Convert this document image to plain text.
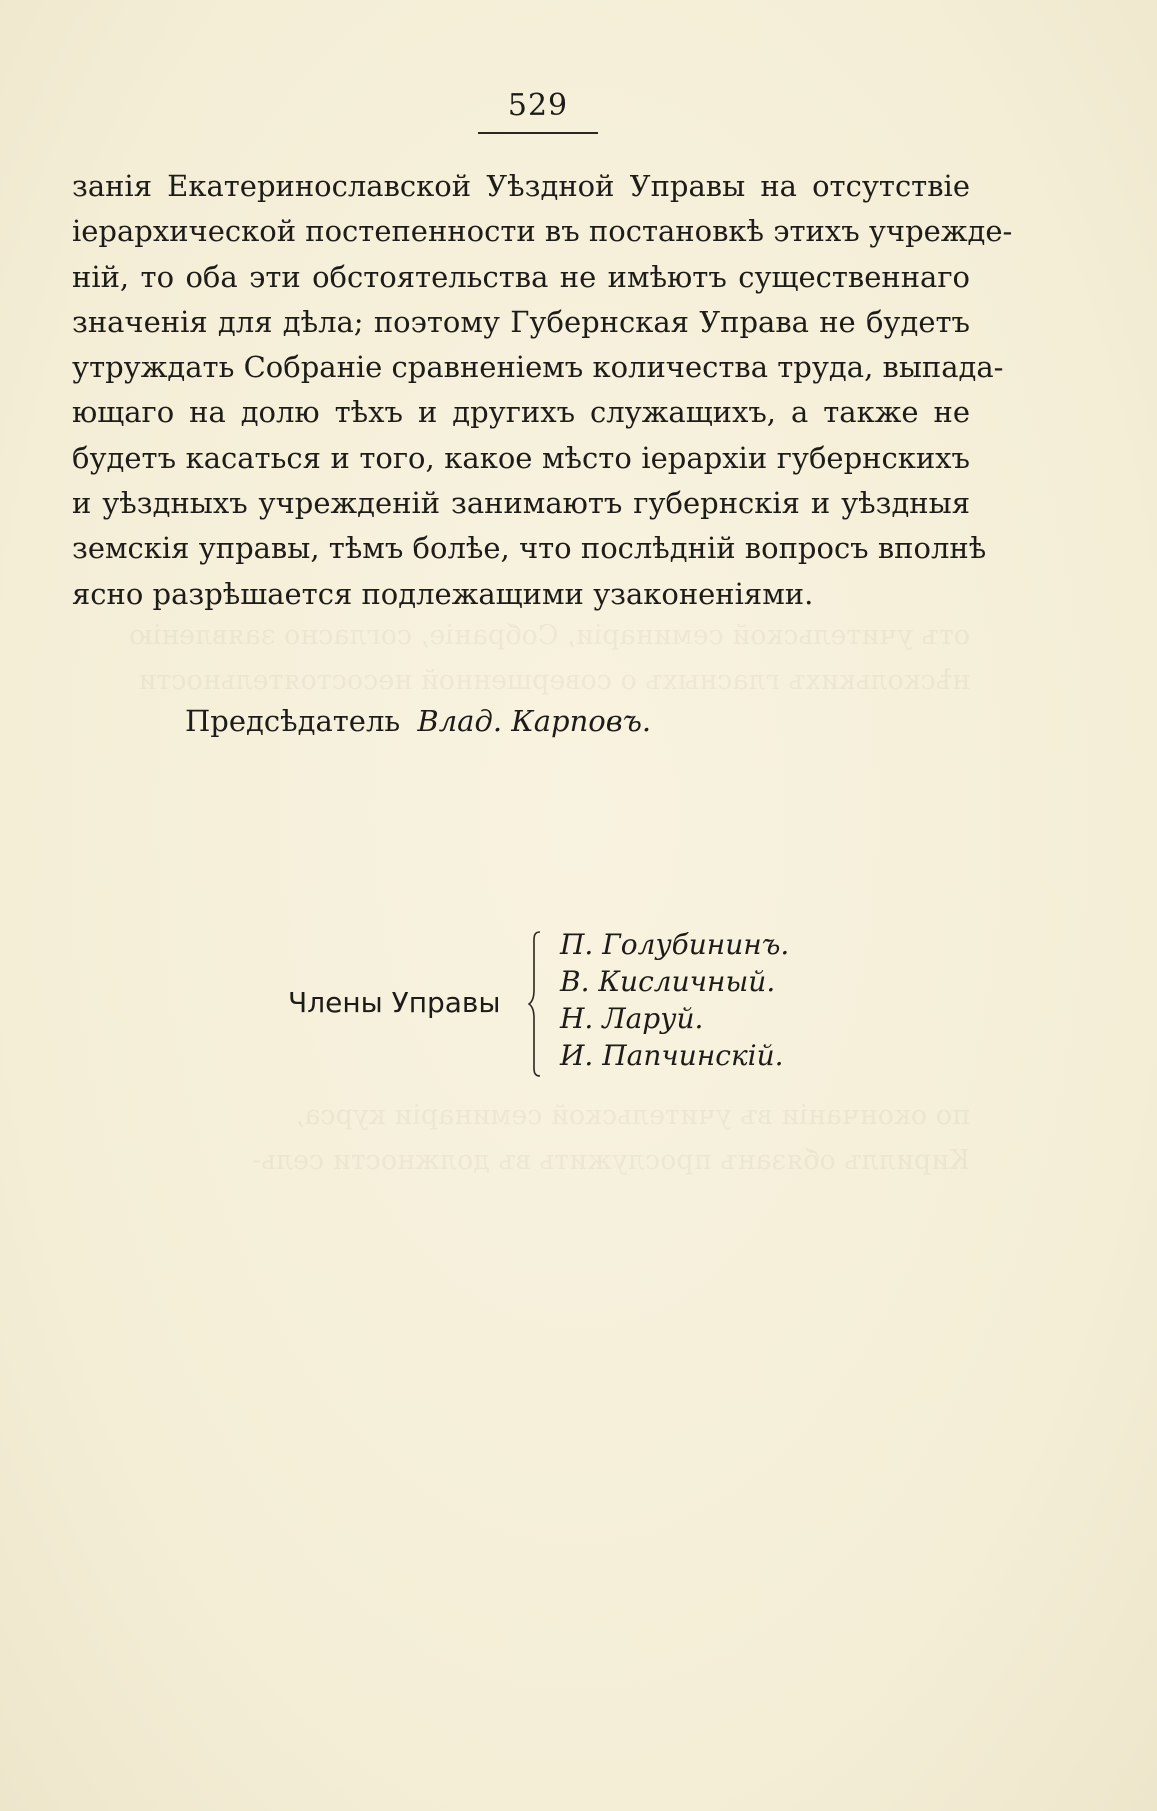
отъ учительской семинаріи, Собраніе, согласно заявленію
нѣсколькихъ гласныхъ о совершенной несостоятельности
по окончаніи въ учительской семинаріи курса,
Кириллъ обязанъ прослужить въ должности сель-
529
занія Екатеринославской Уѣздной Управы на отсутствіе
іерархической постепенности въ постановкѣ этихъ учрежде-
ній, то оба эти обстоятельства не имѣютъ существеннаго
значенія для дѣла; поэтому Губернская Управа не будетъ
утруждать Собраніе сравненіемъ количества труда, выпада-
ющаго на долю тѣхъ и другихъ служащихъ, а также не
будетъ касаться и того, какое мѣсто іерархіи губернскихъ
и уѣздныхъ учрежденій занимаютъ губернскія и уѣздныя
земскія управы, тѣмъ болѣе, что послѣдній вопросъ вполнѣ
ясно разрѣшается подлежащими узаконеніями.
Предсѣдатель Влад. Карповъ.
Члены Управы
П. Голубининъ.
В. Кисличный.
Н. Ларуй.
И. Папчинскій.
